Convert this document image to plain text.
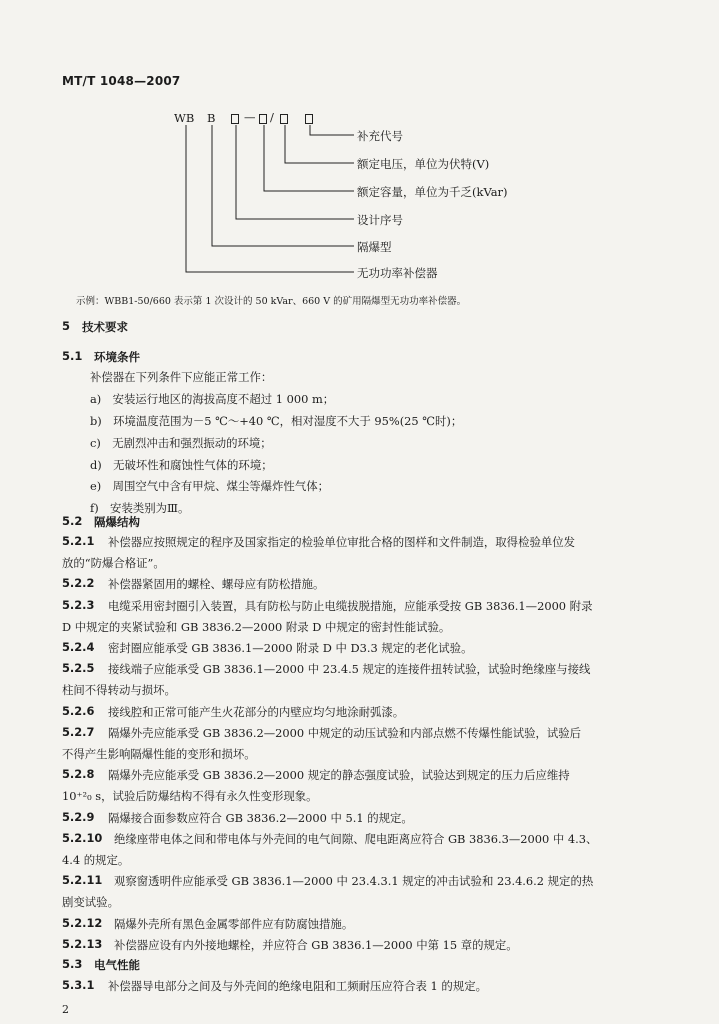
MT/T 1048—2007
WB B — /
补充代号
额定电压，单位为伏特(V)
额定容量，单位为千乏(kVar)
设计序号
隔爆型
无功功率补偿器
示例：WBB1-50/660 表示第 1 次设计的 50 kVar、660 V 的矿用隔爆型无功功率补偿器。
5 技术要求
5.1 环境条件
补偿器在下列条件下应能正常工作：
a)　安装运行地区的海拔高度不超过 1 000 m；
b)　环境温度范围为－5 ℃～+40 ℃，相对湿度不大于 95%(25 ℃时)；
c)　无剧烈冲击和强烈振动的环境；
d)　无破坏性和腐蚀性气体的环境；
e)　周围空气中含有甲烷、煤尘等爆炸性气体；
f)　安装类别为Ⅲ。
5.2 隔爆结构
5.2.1 补偿器应按照规定的程序及国家指定的检验单位审批合格的图样和文件制造，取得检验单位发
放的“防爆合格证”。
5.2.2 补偿器紧固用的螺栓、螺母应有防松措施。
5.2.3 电缆采用密封圈引入装置，具有防松与防止电缆拔脱措施，应能承受按 GB 3836.1—2000 附录
D 中规定的夹紧试验和 GB 3836.2—2000 附录 D 中规定的密封性能试验。
5.2.4 密封圈应能承受 GB 3836.1—2000 附录 D 中 D3.3 规定的老化试验。
5.2.5 接线端子应能承受 GB 3836.1—2000 中 23.4.5 规定的连接件扭转试验，试验时绝缘座与接线
柱间不得转动与损坏。
5.2.6 接线腔和正常可能产生火花部分的内壁应均匀地涂耐弧漆。
5.2.7 隔爆外壳应能承受 GB 3836.2—2000 中规定的动压试验和内部点燃不传爆性能试验，试验后
不得产生影响隔爆性能的变形和损坏。
5.2.8 隔爆外壳应能承受 GB 3836.2—2000 规定的静态强度试验，试验达到规定的压力后应维持
10⁺²₀ s，试验后防爆结构不得有永久性变形现象。
5.2.9 隔爆接合面参数应符合 GB 3836.2—2000 中 5.1 的规定。
5.2.10 绝缘座带电体之间和带电体与外壳间的电气间隙、爬电距离应符合 GB 3836.3—2000 中 4.3、
4.4 的规定。
5.2.11 观察窗透明件应能承受 GB 3836.1—2000 中 23.4.3.1 规定的冲击试验和 23.4.6.2 规定的热
剧变试验。
5.2.12 隔爆外壳所有黑色金属零部件应有防腐蚀措施。
5.2.13 补偿器应设有内外接地螺栓，并应符合 GB 3836.1—2000 中第 15 章的规定。
2
5.3 电气性能
5.3.1 补偿器导电部分之间及与外壳间的绝缘电阻和工频耐压应符合表 1 的规定。
